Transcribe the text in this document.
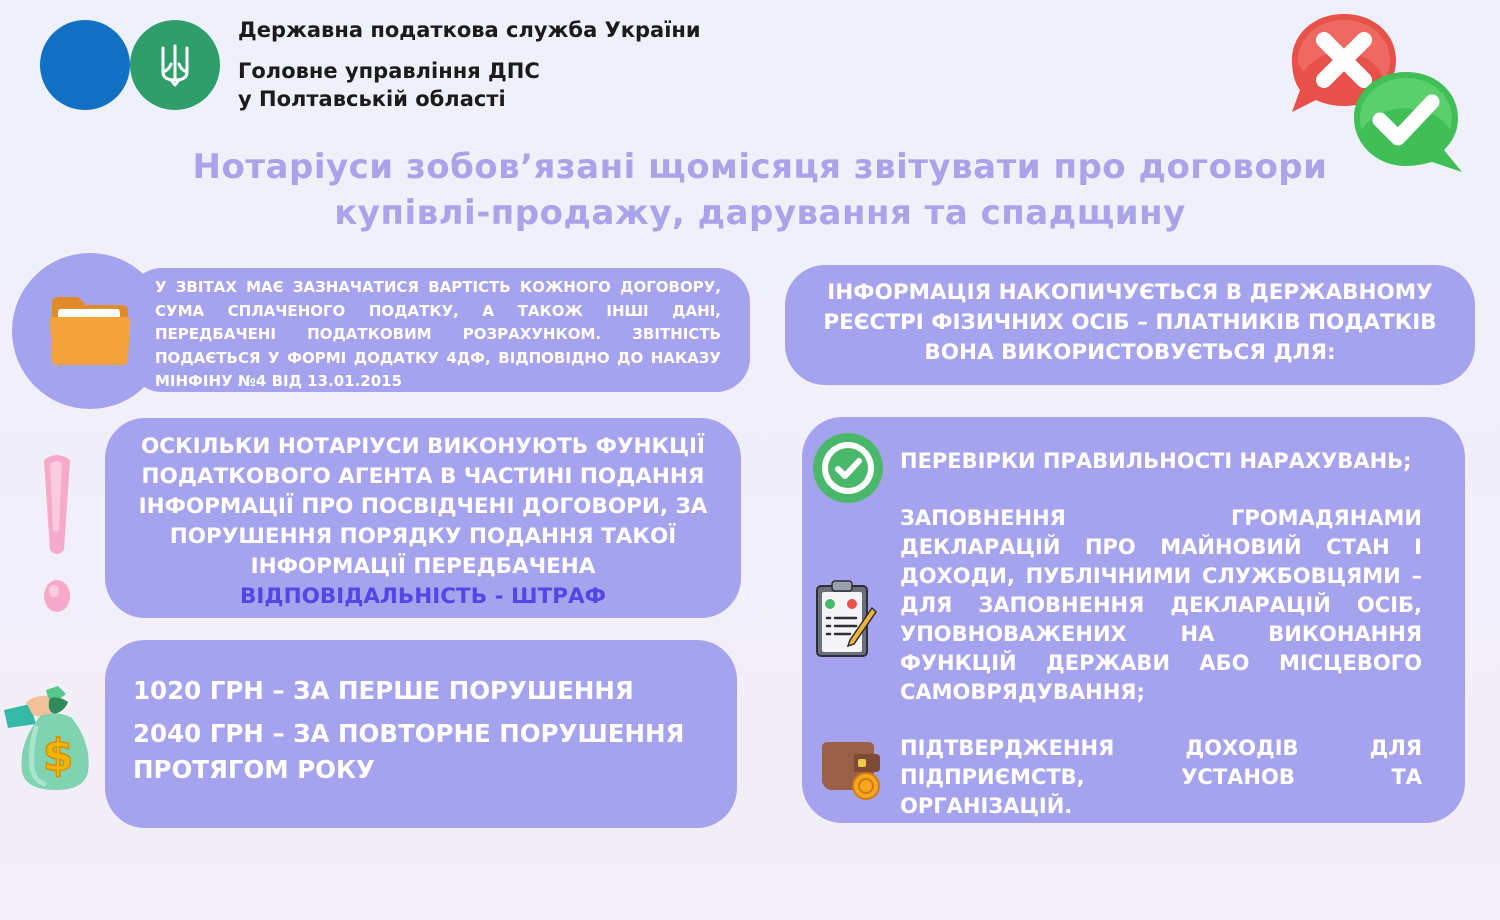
Державна податкова служба України
Головне управління ДПС
у Полтавській області
Нотаріуси зобов’язані щомісяця звітувати про договори
купівлі-продажу, дарування та спадщину
У ЗВІТАХ МАЄ ЗАЗНАЧАТИСЯ ВАРТІСТЬ КОЖНОГО ДОГОВОРУ, СУМА СПЛАЧЕНОГО ПОДАТКУ, А ТАКОЖ ІНШІ ДАНІ, ПЕРЕДБАЧЕНІ ПОДАТКОВИМ РОЗРАХУНКОМ. ЗВІТНІСТЬ ПОДАЄТЬСЯ У ФОРМІ ДОДАТКУ 4ДФ, ВІДПОВІДНО ДО НАКАЗУ МІНФІНУ №4 ВІД 13.01.2015
ІНФОРМАЦІЯ НАКОПИЧУЄТЬСЯ В ДЕРЖАВНОМУ
РЕЄСТРІ ФІЗИЧНИХ ОСІБ – ПЛАТНИКІВ ПОДАТКІВ
ВОНА ВИКОРИСТОВУЄТЬСЯ ДЛЯ:
ОСКІЛЬКИ НОТАРІУСИ ВИКОНУЮТЬ ФУНКЦІЇ ПОДАТКОВОГО АГЕНТА В ЧАСТИНІ ПОДАННЯ ІНФОРМАЦІЇ ПРО ПОСВІДЧЕНІ ДОГОВОРИ, ЗА ПОРУШЕННЯ ПОРЯДКУ ПОДАННЯ ТАКОЇ ІНФОРМАЦІЇ ПЕРЕДБАЧЕНА
ВІДПОВІДАЛЬНІСТЬ - ШТРАФ
$
1020 ГРН – ЗА ПЕРШЕ ПОРУШЕННЯ
2040 ГРН – ЗА ПОВТОРНЕ ПОРУШЕННЯ ПРОТЯГОМ РОКУ
ПЕРЕВІРКИ ПРАВИЛЬНОСТІ НАРАХУВАНЬ;
ЗАПОВНЕННЯ ГРОМАДЯНАМИ ДЕКЛАРАЦІЙ ПРО МАЙНОВИЙ СТАН І ДОХОДИ, ПУБЛІЧНИМИ СЛУЖБОВЦЯМИ – ДЛЯ ЗАПОВНЕННЯ ДЕКЛАРАЦІЙ ОСІБ, УПОВНОВАЖЕНИХ НА ВИКОНАННЯ ФУНКЦІЙ ДЕРЖАВИ АБО МІСЦЕВОГО САМОВРЯДУВАННЯ;
ПІДТВЕРДЖЕННЯ ДОХОДІВ ДЛЯ ПІДПРИЄМСТВ, УСТАНОВ ТА ОРГАНІЗАЦІЙ.
